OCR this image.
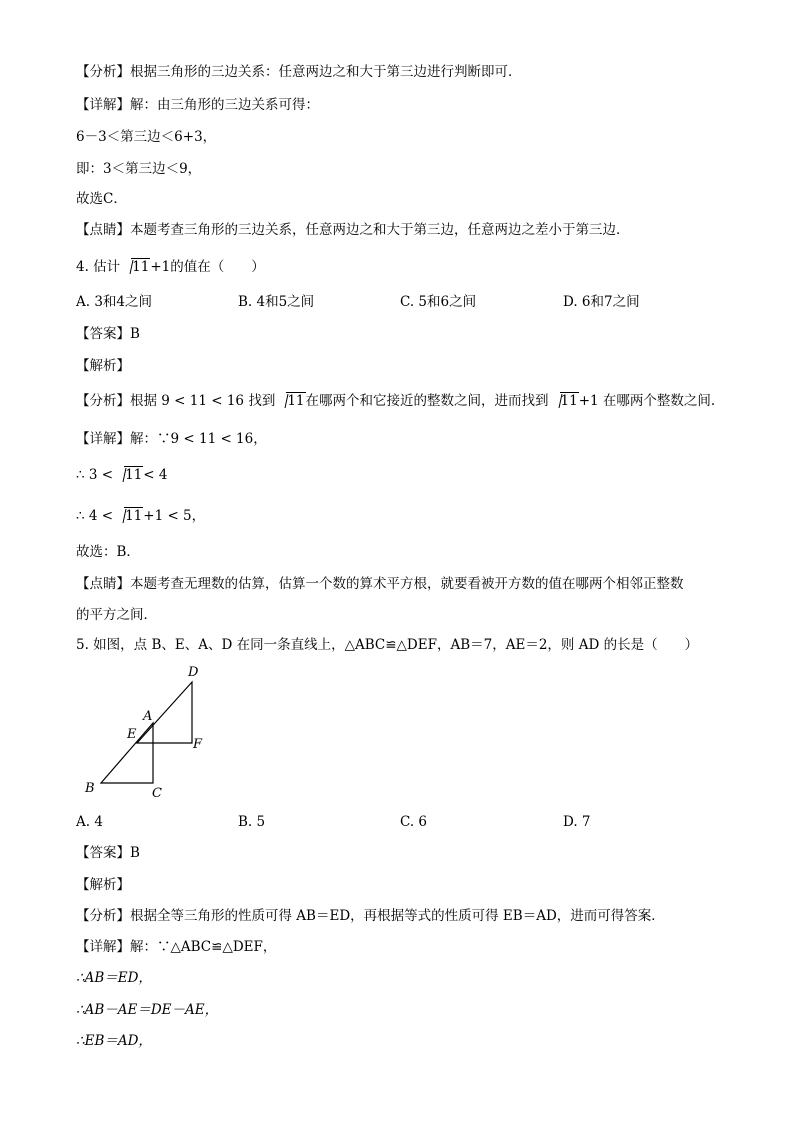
【分析】根据三角形的三边关系：任意两边之和大于第三边进行判断即可．
【详解】解：由三角形的三边关系可得：
6－3＜第三边＜6+3，
即：3＜第三边＜9，
故选C．
【点睛】本题考查三角形的三边关系，任意两边之和大于第三边，任意两边之差小于第三边．
4. 估计 11+1的值在（　　）
A. 3和4之间	B. 4和5之间	C. 5和6之间	D. 6和7之间
【答案】B
【解析】
【分析】根据 9 < 11 < 16 找到 11在哪两个和它接近的整数之间，进而找到 11+1 在哪两个整数之间.
【详解】解：∵9 < 11 < 16，
∴ 3 < 11< 4
∴ 4 < 11+1 < 5，
故选：B．
【点睛】本题考查无理数的估算，估算一个数的算术平方根，就要看被开方数的值在哪两个相邻正整数
的平方之间．
5. 如图，点 B、E、A、D 在同一条直线上，△ABC≌△DEF，AB＝7，AE＝2，则 AD 的长是（　　）
D
A
E
F
B	C
A. 4	B. 5	C. 6	D. 7
【答案】B
【解析】
【分析】根据全等三角形的性质可得 AB＝ED，再根据等式的性质可得 EB＝AD，进而可得答案．
【详解】解：∵△ABC≌△DEF，
∴AB＝ED，
∴AB－AE＝DE－AE，
∴EB＝AD，
